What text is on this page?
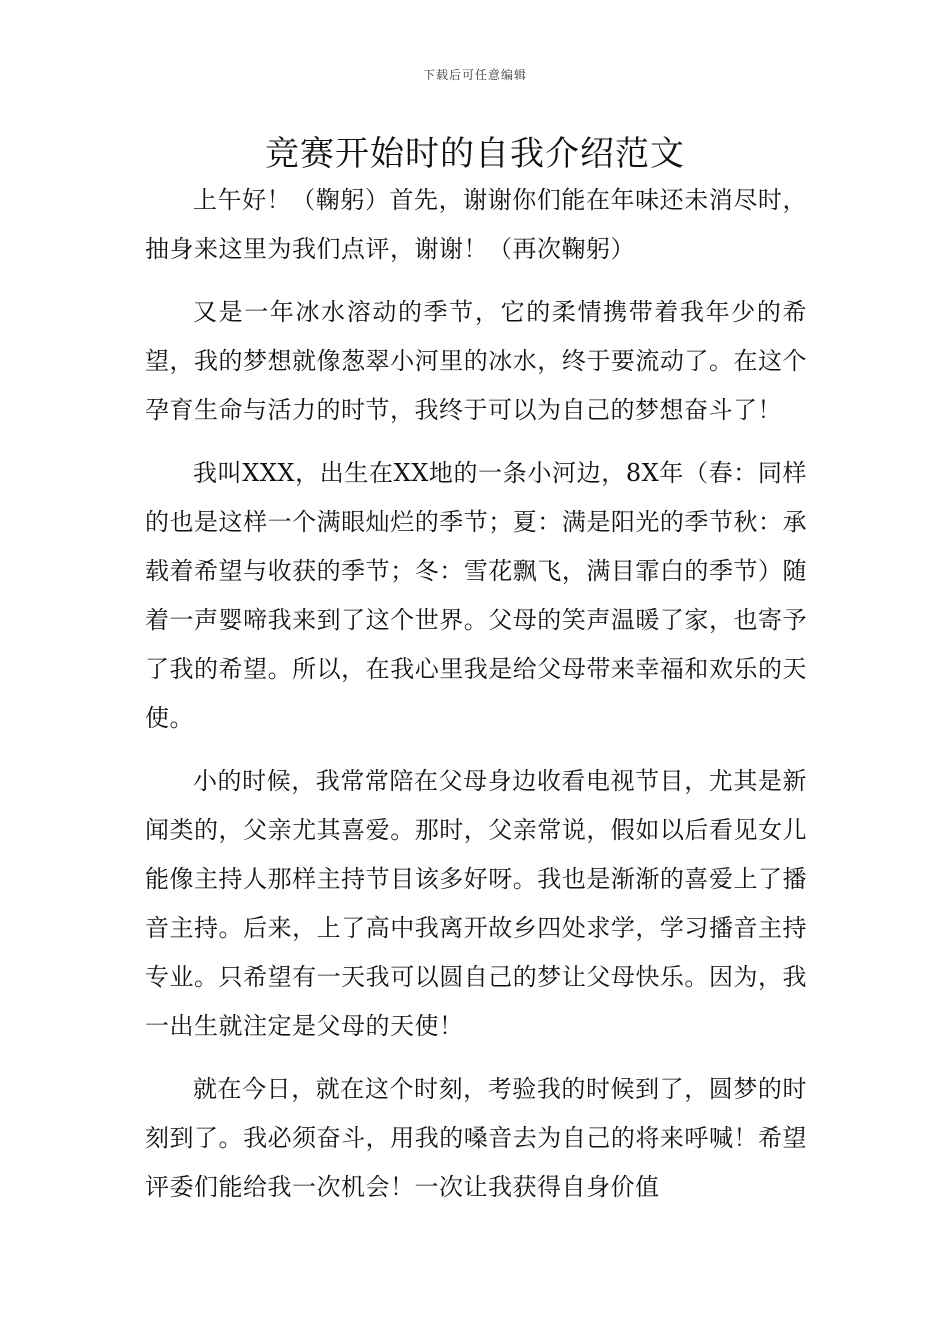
下载后可任意编辑
竞赛开始时的自我介绍范文

上午好！（鞠躬）首先，谢谢你们能在年味还未消尽时，抽身来这里为我们点评，谢谢！（再次鞠躬）

又是一年冰水溶动的季节，它的柔情携带着我年少的希望，我的梦想就像葱翠小河里的冰水，终于要流动了。在这个孕育生命与活力的时节，我终于可以为自己的梦想奋斗了！

我叫XXX，出生在XX地的一条小河边，8X年（春：同样的也是这样一个满眼灿烂的季节；夏：满是阳光的季节秋：承载着希望与收获的季节；冬：雪花飘飞，满目霏白的季节）随着一声婴啼我来到了这个世界。父母的笑声温暖了家，也寄予了我的希望。所以，在我心里我是给父母带来幸福和欢乐的天使。

小的时候，我常常陪在父母身边收看电视节目，尤其是新闻类的，父亲尤其喜爱。那时，父亲常说，假如以后看见女儿能像主持人那样主持节目该多好呀。我也是渐渐的喜爱上了播音主持。后来，上了高中我离开故乡四处求学，学习播音主持专业。只希望有一天我可以圆自己的梦让父母快乐。因为，我一出生就注定是父母的天使！

就在今日，就在这个时刻，考验我的时候到了，圆梦的时刻到了。我必须奋斗，用我的嗓音去为自己的将来呼喊！希望评委们能给我一次机会！一次让我获得自身价值
